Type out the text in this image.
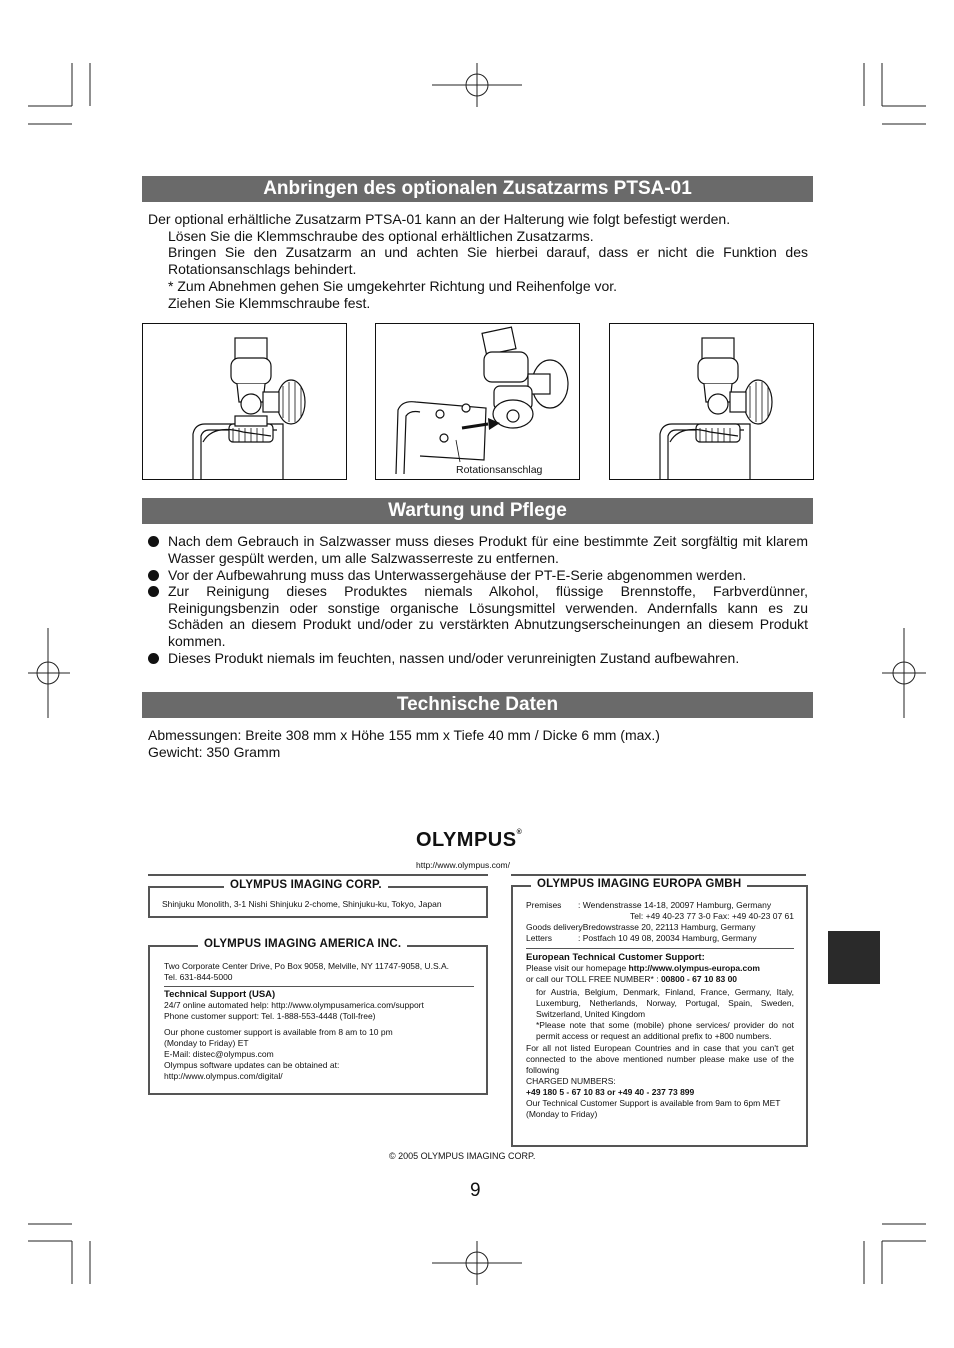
Anbringen des optionalen Zusatzarms PTSA-01
Der optional erhältliche Zusatzarm PTSA-01 kann an der Halterung wie folgt befestigt werden.
Lösen Sie die Klemmschraube des optional erhältlichen Zusatzarms.
Bringen Sie den Zusatzarm an und achten Sie hierbei darauf, dass er nicht die Funktion des Rotationsanschlags behindert.
* Zum Abnehmen gehen Sie umgekehrter Richtung und Reihenfolge vor.
Ziehen Sie Klemmschraube fest.
Rotationsanschlag
Wartung und Pflege
Nach dem Gebrauch in Salzwasser muss dieses Produkt für eine bestimmte Zeit sorgfältig mit klarem Wasser gespült werden, um alle Salzwasserreste zu entfernen.
Vor der Aufbewahrung muss das Unterwassergehäuse der PT-E-Serie abgenommen werden.
Zur Reinigung dieses Produktes niemals Alkohol, flüssige Brennstoffe, Farbverdünner, Reinigungsbenzin oder sonstige organische Lösungsmittel verwenden. Andernfalls kann es zu Schäden an diesem Produkt und/oder zu verstärkten Abnutzungserscheinungen an diesem Produkt kommen.
Dieses Produkt niemals im feuchten, nassen und/oder verunreinigten Zustand aufbewahren.
Technische Daten
Abmessungen: Breite 308 mm x Höhe 155 mm x Tiefe 40 mm / Dicke 6 mm (max.)
Gewicht: 350 Gramm
OLYMPUS®
http://www.olympus.com/
OLYMPUS IMAGING CORP.
Shinjuku Monolith, 3-1 Nishi Shinjuku 2-chome, Shinjuku-ku, Tokyo, Japan
OLYMPUS IMAGING AMERICA INC.
Two Corporate Center Drive, Po Box 9058, Melville, NY 11747-9058, U.S.A.
Tel. 631-844-5000
Technical Support (USA)
24/7 online automated help: http://www.olympusamerica.com/support
Phone customer support: Tel. 1-888-553-4448 (Toll-free)
Our phone customer support is available from 8 am to 10 pm
(Monday to Friday) ET
E-Mail: distec@olympus.com
Olympus software updates can be obtained at:
http://www.olympus.com/digital/
OLYMPUS IMAGING EUROPA GMBH
Premises	: Wendenstrasse 14-18, 20097 Hamburg, Germany
Tel: +49 40-23 77 3-0 Fax: +49 40-23 07 61
Goods delivery
: Bredowstrasse 20, 22113 Hamburg, Germany
Letters	: Postfach 10 49 08, 20034 Hamburg, Germany
European Technical Customer Support:
Please visit our homepage http://www.olympus-europa.com
or call our TOLL FREE NUMBER* : 00800 - 67 10 83 00
for Austria, Belgium, Denmark, Finland, France, Germany, Italy, Luxemburg, Netherlands, Norway, Portugal, Spain, Sweden, Switzerland, United Kingdom
*Please note that some (mobile) phone services/ provider do not permit access or request an additional prefix to +800 numbers.
For all not listed European Countries and in case that you can't get connected to the above mentioned number please make use of the following
CHARGED NUMBERS:
+49 180 5 - 67 10 83 or +49 40 - 237 73 899
Our Technical Customer Support is available from 9am to 6pm MET (Monday to Friday)
© 2005 OLYMPUS IMAGING CORP.
9
